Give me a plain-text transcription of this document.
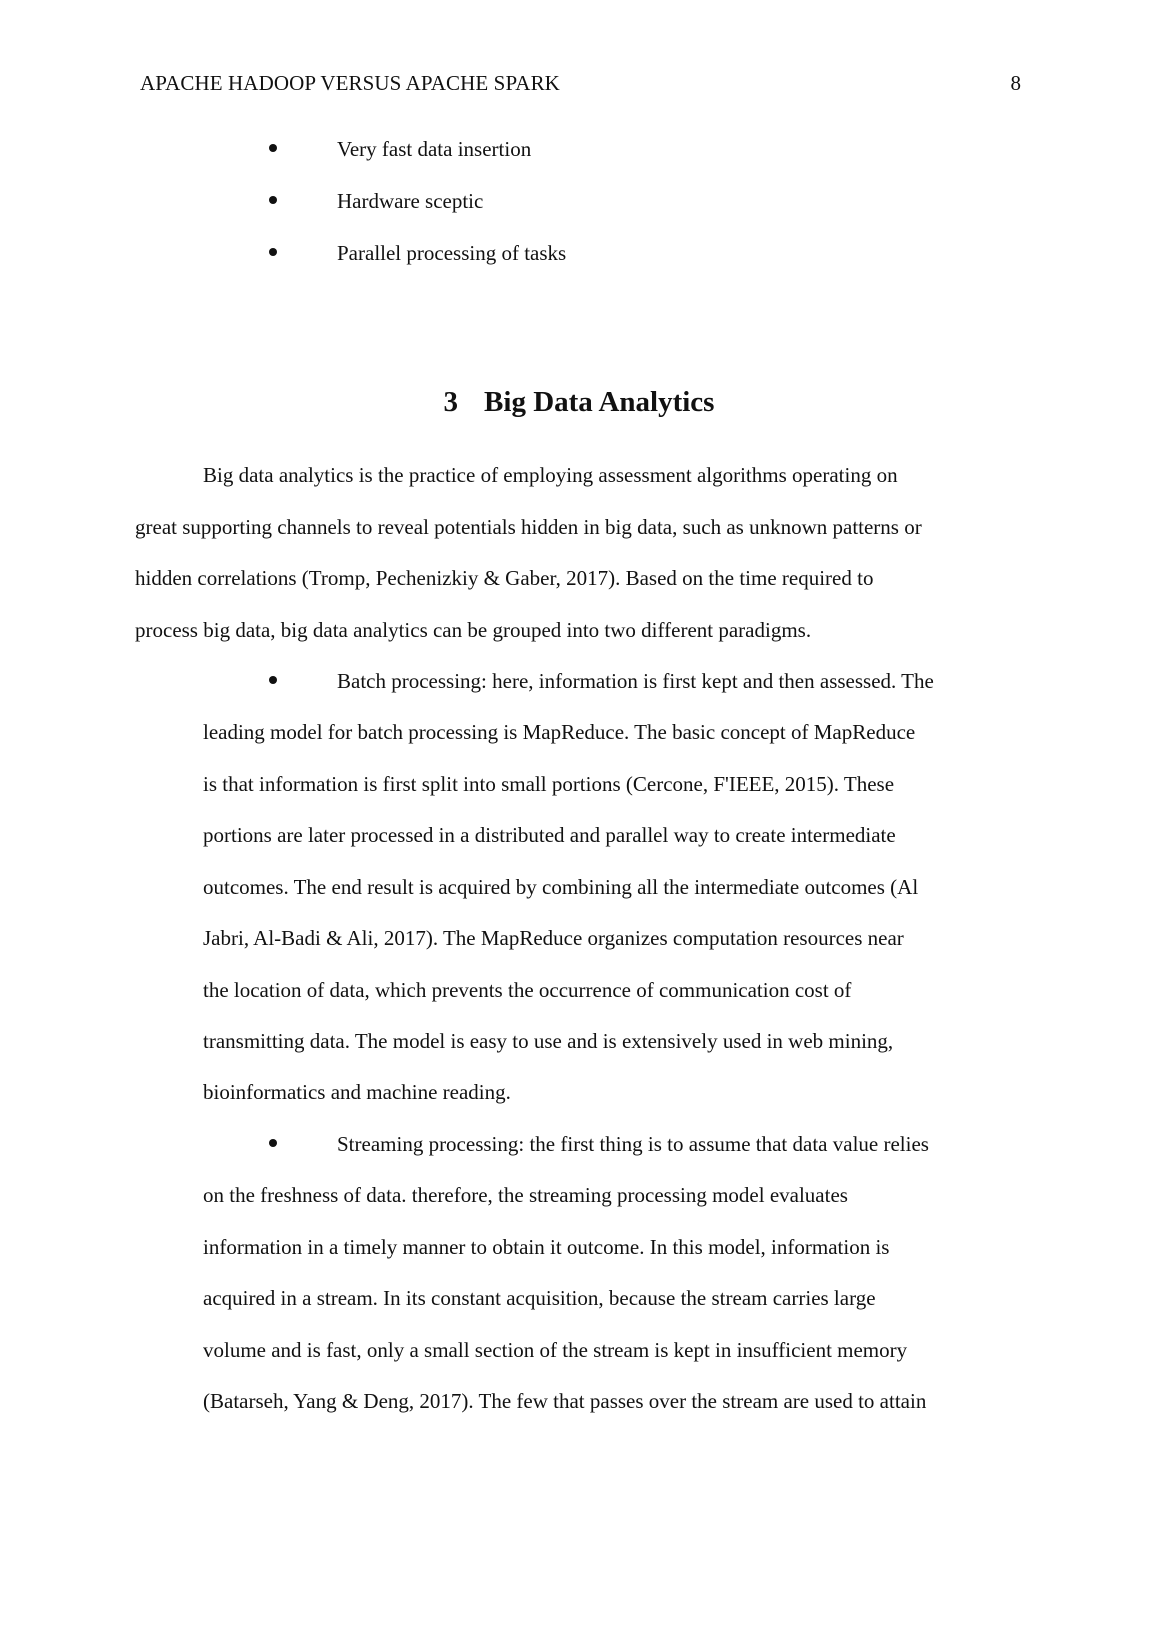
APACHE HADOOP VERSUS APACHE SPARK	8
Very fast data insertion
Hardware sceptic
Parallel processing of tasks
3 Big Data Analytics
Big data analytics is the practice of employing assessment algorithms operating on
great supporting channels to reveal potentials hidden in big data, such as unknown patterns or
hidden correlations (Tromp, Pechenizkiy & Gaber, 2017). Based on the time required to
process big data, big data analytics can be grouped into two different paradigms.
Batch processing: here, information is first kept and then assessed. The
leading model for batch processing is MapReduce. The basic concept of MapReduce
is that information is first split into small portions (Cercone, F'IEEE, 2015). These
portions are later processed in a distributed and parallel way to create intermediate
outcomes. The end result is acquired by combining all the intermediate outcomes (Al
Jabri, Al-Badi & Ali, 2017). The MapReduce organizes computation resources near
the location of data, which prevents the occurrence of communication cost of
transmitting data. The model is easy to use and is extensively used in web mining,
bioinformatics and machine reading.
Streaming processing: the first thing is to assume that data value relies
on the freshness of data. therefore, the streaming processing model evaluates
information in a timely manner to obtain it outcome. In this model, information is
acquired in a stream. In its constant acquisition, because the stream carries large
volume and is fast, only a small section of the stream is kept in insufficient memory
(Batarseh, Yang & Deng, 2017). The few that passes over the stream are used to attain
